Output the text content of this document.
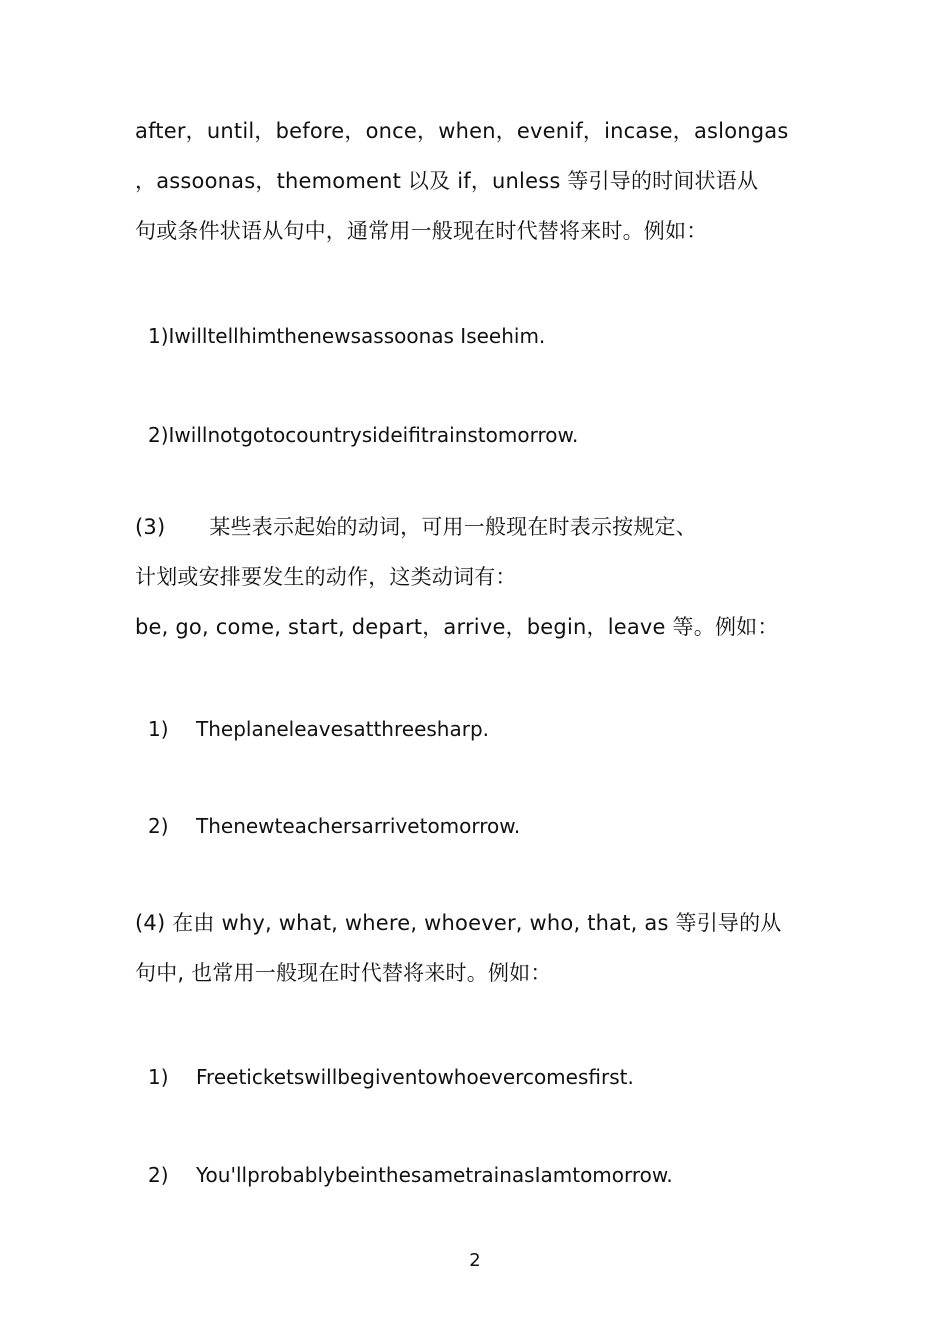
after，until，before，once，when，evenif，incase，aslongas
，assoonas，themoment 以及 if，unless 等引导的时间状语从
句或条件状语从句中，通常用一般现在时代替将来时。例如：
1)Iwilltellhimthenewsassoonas Iseehim.
2)Iwillnotgotocountrysideifitrainstomorrow.
(3) 某些表示起始的动词，可用一般现在时表示按规定、
计划或安排要发生的动作，这类动词有：
be, go, come, start, depart，arrive，begin，leave 等。例如：
1) Theplaneleavesatthreesharp.
2) Thenewteachersarrivetomorrow.
(4) 在由 why, what, where, whoever, who, that, as 等引导的从
句中, 也常用一般现在时代替将来时。例如：
1) Freeticketswillbegiventowhoevercomesfirst.
2) You'llprobablybeinthesametrainasIamtomorrow.
2
